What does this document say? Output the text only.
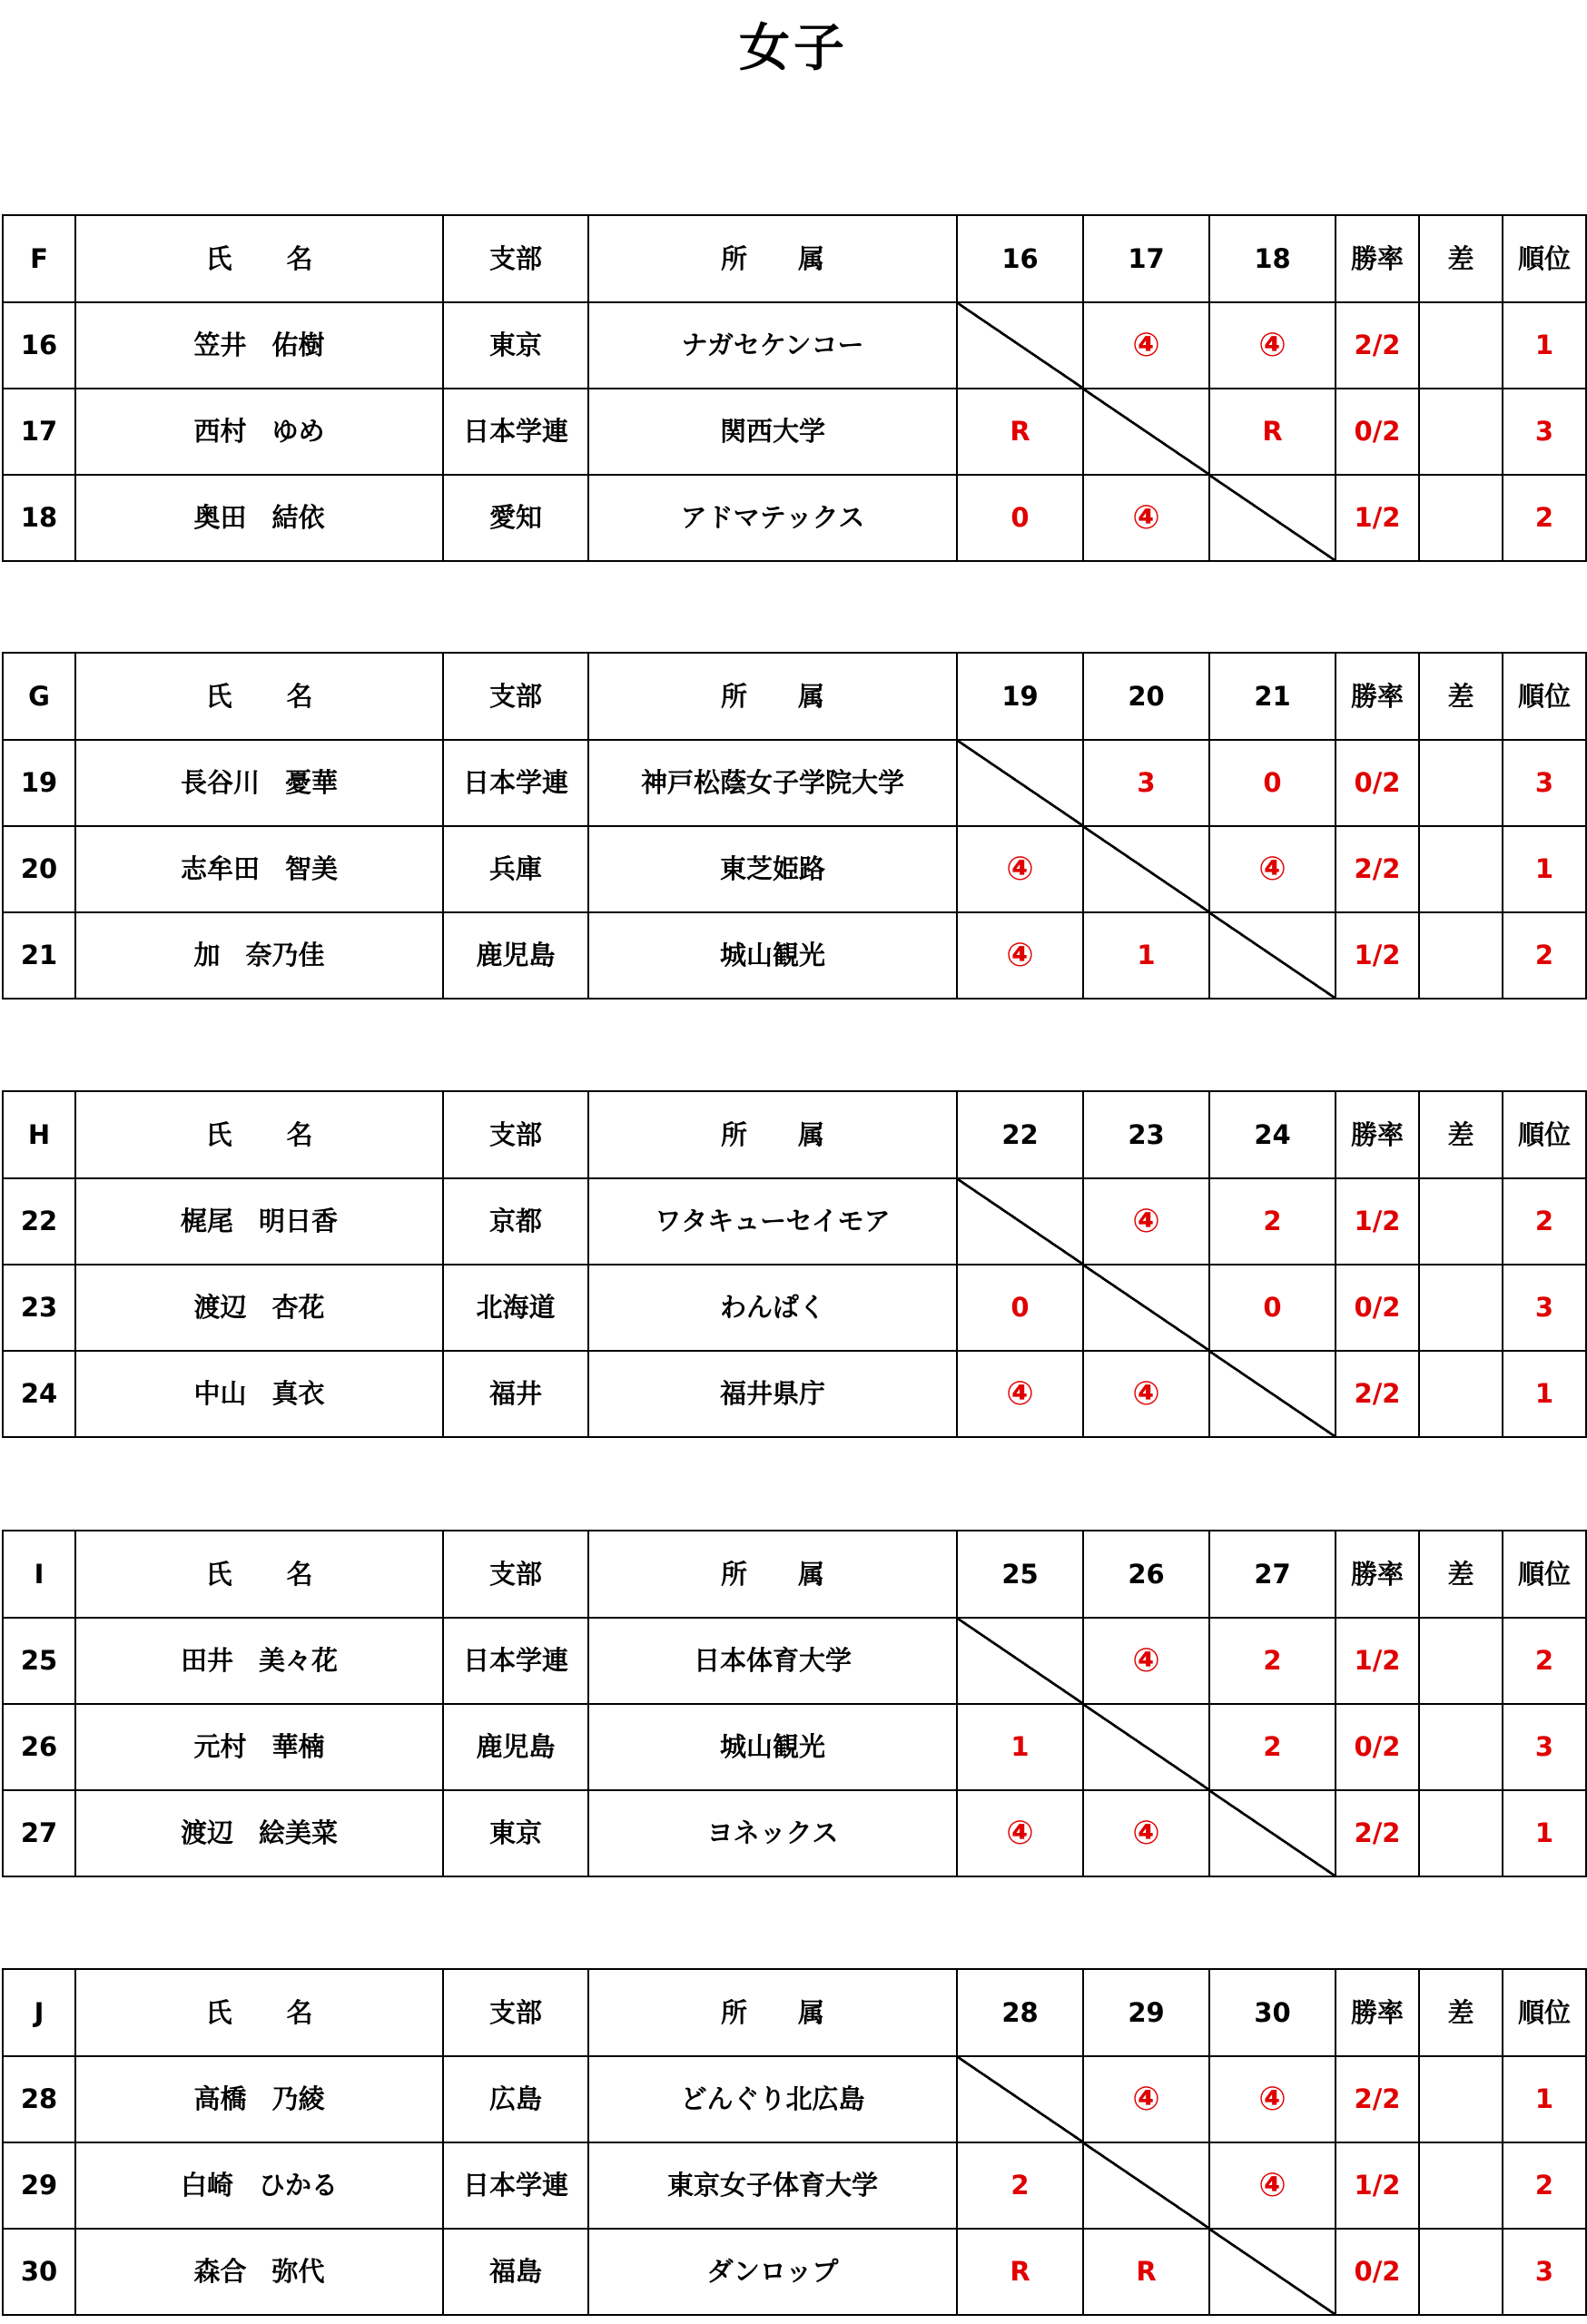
女子
F	氏 名	支部	所 属	16	17	18	勝率	差	順位
16	笠井 佑樹	東京	ナガセケンコー		④	④	2/2		1
17	西村 ゆめ	日本学連	関西大学	R		R	0/2		3
18	奥田 結依	愛知	アドマテックス	0	④		1/2		2
G	氏 名	支部	所 属	19	20	21	勝率	差	順位
19	長谷川 憂華	日本学連	神戸松蔭女子学院大学		3	0	0/2		3
20	志牟田 智美	兵庫	東芝姫路	④		④	2/2		1
21	加 奈乃佳	鹿児島	城山観光	④	1		1/2		2
H	氏 名	支部	所 属	22	23	24	勝率	差	順位
22	梶尾 明日香	京都	ワタキューセイモア		④	2	1/2		2
23	渡辺 杏花	北海道	わんぱく	0		0	0/2		3
24	中山 真衣	福井	福井県庁	④	④		2/2		1
I	氏 名	支部	所 属	25	26	27	勝率	差	順位
25	田井 美々花	日本学連	日本体育大学		④	2	1/2		2
26	元村 華楠	鹿児島	城山観光	1		2	0/2		3
27	渡辺 絵美菜	東京	ヨネックス	④	④		2/2		1
J	氏 名	支部	所 属	28	29	30	勝率	差	順位
28	高橋 乃綾	広島	どんぐり北広島		④	④	2/2		1
29	白崎 ひかる	日本学連	東京女子体育大学	2		④	1/2		2
30	森合 弥代	福島	ダンロップ	R	R		0/2		3
